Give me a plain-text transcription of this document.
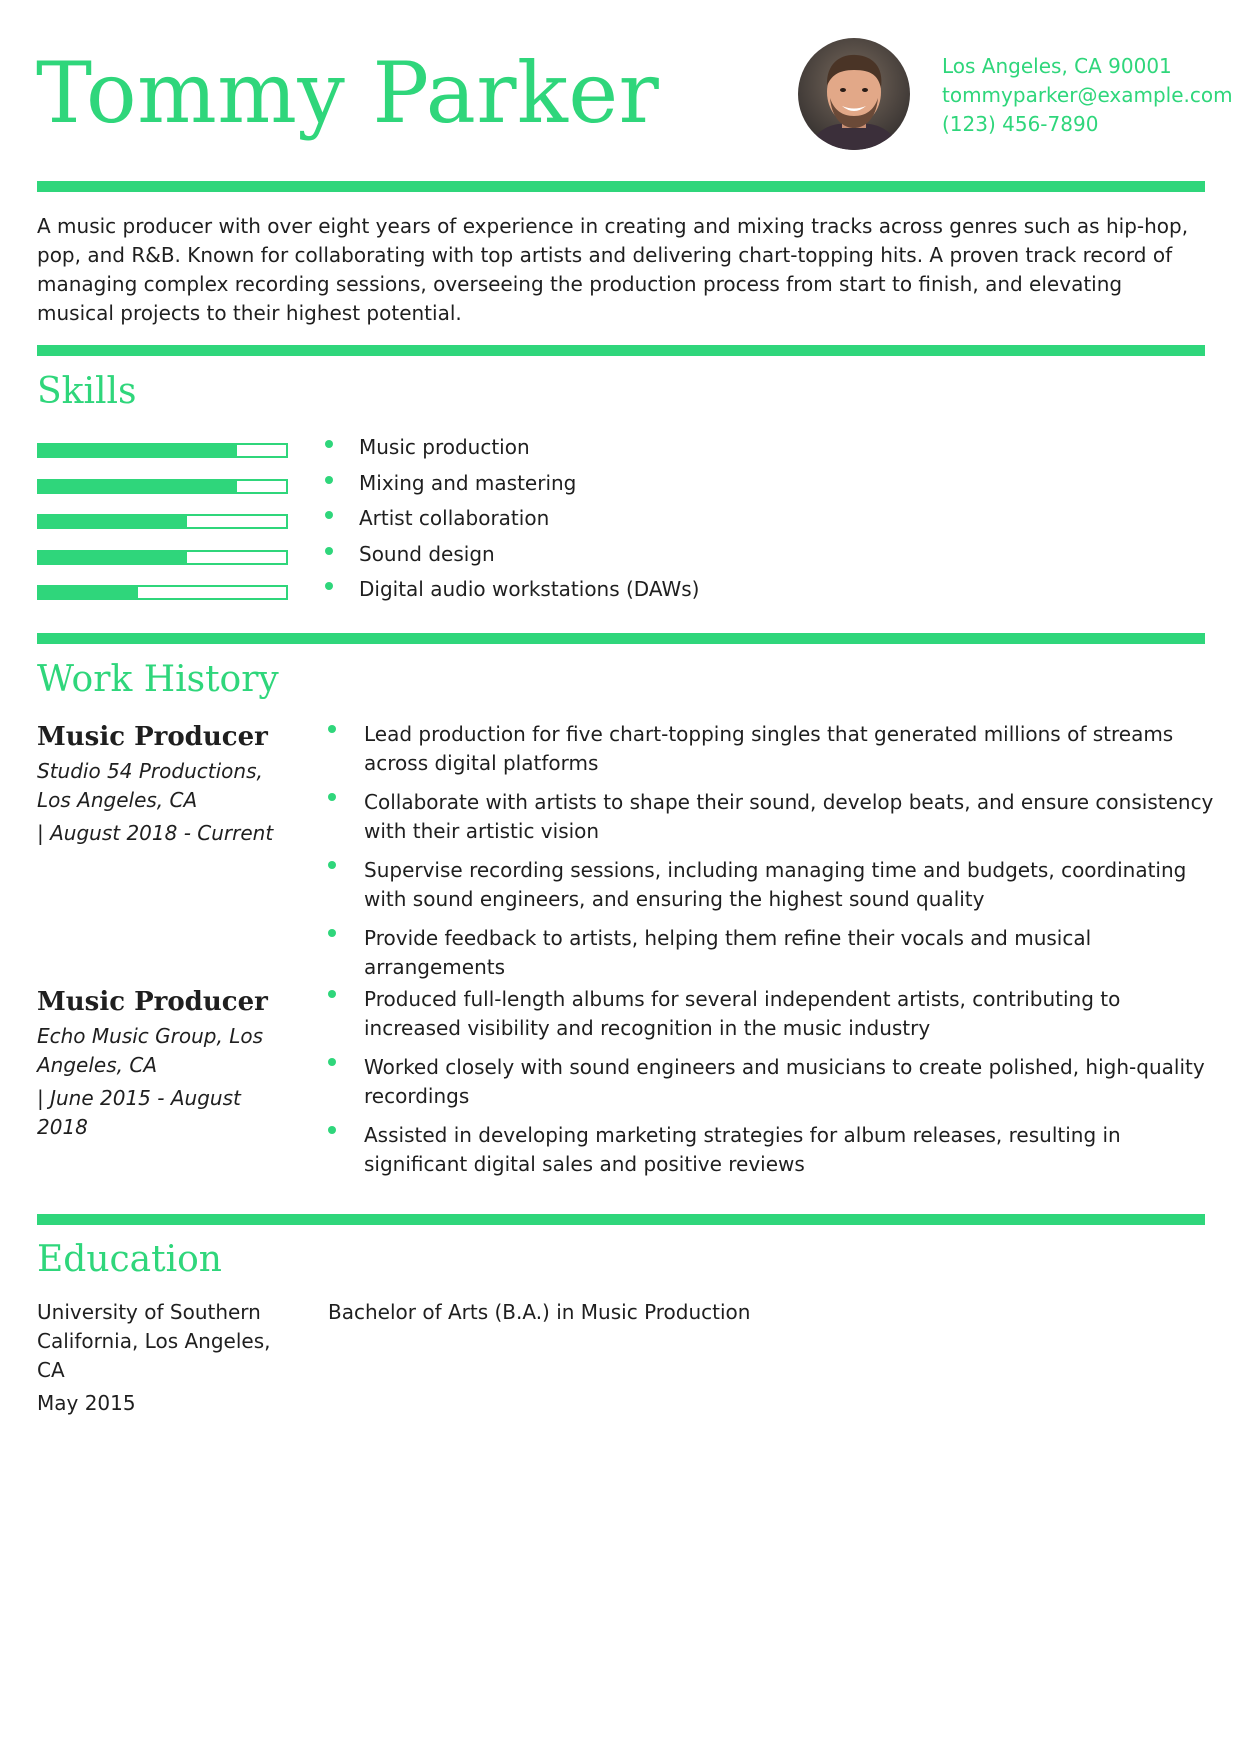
Tommy Parker	Los Angeles, CA 90001
tommyparker@example.com
(123) 456-7890

A music producer with over eight years of experience in creating and mixing tracks across genres such as hip-hop, pop, and R&B. Known for collaborating with top artists and delivering chart-topping hits. A proven track record of managing complex recording sessions, overseeing the production process from start to finish, and elevating musical projects to their highest potential.

Skills
Music production
Mixing and mastering
Artist collaboration
Sound design
Digital audio workstations (DAWs)
Work History
Music Producer
Studio 54 Productions, Los Angeles, CA
| August 2018 - Current
Lead production for five chart-topping singles that generated millions of streams across digital platforms
Collaborate with artists to shape their sound, develop beats, and ensure consistency with their artistic vision
Supervise recording sessions, including managing time and budgets, coordinating with sound engineers, and ensuring the highest sound quality
Provide feedback to artists, helping them refine their vocals and musical arrangements
Music Producer
Echo Music Group, Los Angeles, CA
| June 2015 - August 2018
Produced full-length albums for several independent artists, contributing to increased visibility and recognition in the music industry
Worked closely with sound engineers and musicians to create polished, high-quality recordings
Assisted in developing marketing strategies for album releases, resulting in significant digital sales and positive reviews
Education
University of Southern California, Los Angeles, CA
May 2015
Bachelor of Arts (B.A.) in Music Production
